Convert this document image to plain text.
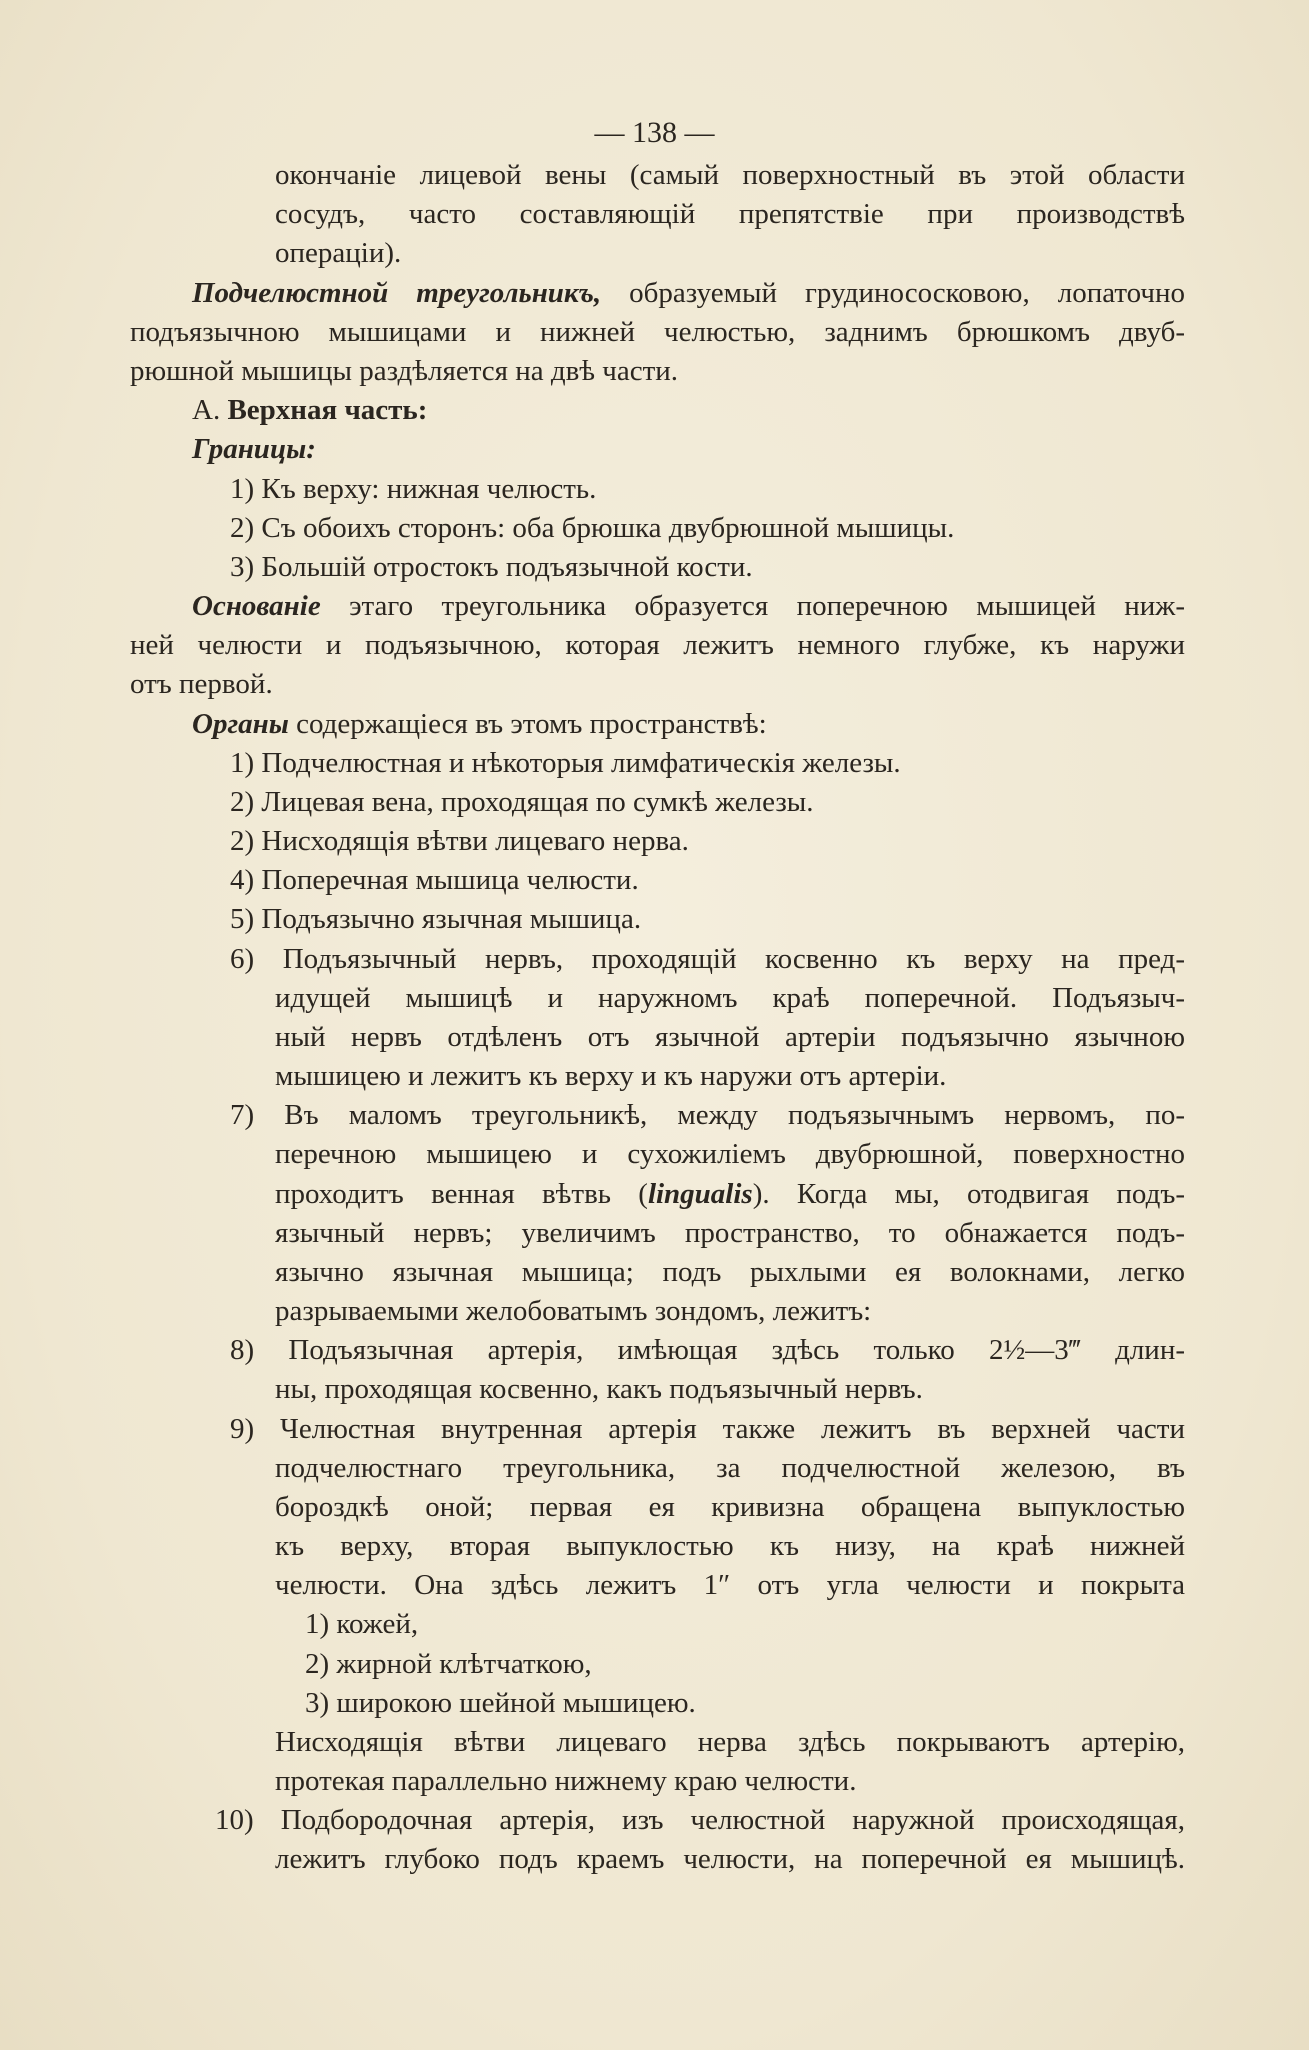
— 138 —
окончаніе лицевой вены (самый поверхностный въ этой области
сосудъ, часто составляющій препятствіе при производствѣ
операціи).
Подчелюстной треугольникъ, образуемый грудинососковою, лопаточно
подъязычною мышицами и нижней челюстью, заднимъ брюшкомъ двуб-
рюшной мышицы раздѣляется на двѣ части.
A. Верхная часть:
Границы:
1) Къ верху: нижная челюсть.
2) Съ обоихъ сторонъ: оба брюшка двубрюшной мышицы.
3) Большій отростокъ подъязычной кости.
Основаніе этаго треугольника образуется поперечною мышицей ниж-
ней челюсти и подъязычною, которая лежитъ немного глубже, къ наружи
отъ первой.
Органы содержащіеся въ этомъ пространствѣ:
1) Подчелюстная и нѣкоторыя лимфатическія железы.
2) Лицевая вена, проходящая по сумкѣ железы.
2) Нисходящія вѣтви лицеваго нерва.
4) Поперечная мышица челюсти.
5) Подъязычно язычная мышица.
6) Подъязычный нервъ, проходящій косвенно къ верху на пред-
идущей мышицѣ и наружномъ краѣ поперечной. Подъязыч-
ный нервъ отдѣленъ отъ язычной артеріи подъязычно язычною
мышицею и лежитъ къ верху и къ наружи отъ артеріи.
7) Въ маломъ треугольникѣ, между подъязычнымъ нервомъ, по-
перечною мышицею и сухожиліемъ двубрюшной, поверхностно
проходитъ венная вѣтвь (lingualis). Когда мы, отодвигая подъ-
язычный нервъ; увеличимъ пространство, то обнажается подъ-
язычно язычная мышица; подъ рыхлыми ея волокнами, легко
разрываемыми желобоватымъ зондомъ, лежитъ:
8) Подъязычная артерія, имѣющая здѣсь только 2½—3‴ длин-
ны, проходящая косвенно, какъ подъязычный нервъ.
9) Челюстная внутренная артерія также лежитъ въ верхней части
подчелюстнаго треугольника, за подчелюстной железою, въ
бороздкѣ оной; первая ея кривизна обращена выпуклостью
къ верху, вторая выпуклостью къ низу, на краѣ нижней
челюсти. Она здѣсь лежитъ 1″ отъ угла челюсти и покрыта
1) кожей,
2) жирной клѣтчаткою,
3) широкою шейной мышицею.
Нисходящія вѣтви лицеваго нерва здѣсь покрываютъ артерію,
протекая параллельно нижнему краю челюсти.
10) Подбородочная артерія, изъ челюстной наружной происходящая,
лежитъ глубоко подъ краемъ челюсти, на поперечной ея мышицѣ.
